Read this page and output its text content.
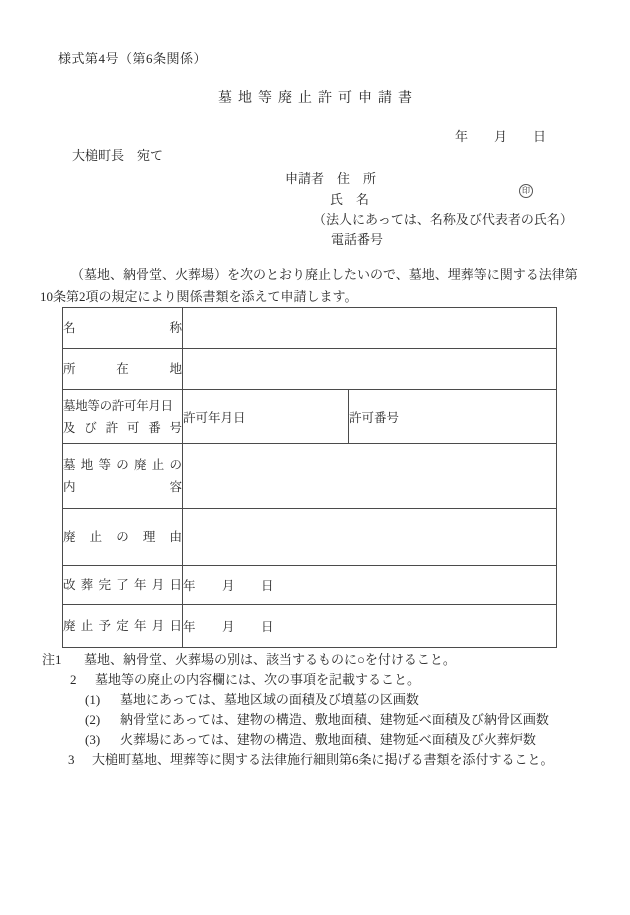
様式第4号（第6条関係）
墓地等廃止許可申請書
年　　月　　日
大槌町長　宛て
申請者　住　所
氏　名
印
（法人にあっては、名称及び代表者の氏名）
電話番号
（墓地、納骨堂、火葬場）を次のとおり廃止したいので、墓地、埋葬等に関する法律第
10条第2項の規定により関係書類を添えて申請します。
名称		

所在地		

墓地等の許可年月日
及び許可番号	許可年月日	許可番号

墓地等の廃止の
内容		

廃止の理由		

改葬完了年月日	年　　月　　日	

廃止予定年月日	年　　月　　日	
注1	墓地、納骨堂、火葬場の別は、該当するものに○を付けること。
2	墓地等の廃止の内容欄には、次の事項を記載すること。
(1)	墓地にあっては、墓地区域の面積及び墳墓の区画数
(2)	納骨堂にあっては、建物の構造、敷地面積、建物延べ面積及び納骨区画数
(3)	火葬場にあっては、建物の構造、敷地面積、建物延べ面積及び火葬炉数
3	大槌町墓地、埋葬等に関する法律施行細則第6条に掲げる書類を添付すること。
